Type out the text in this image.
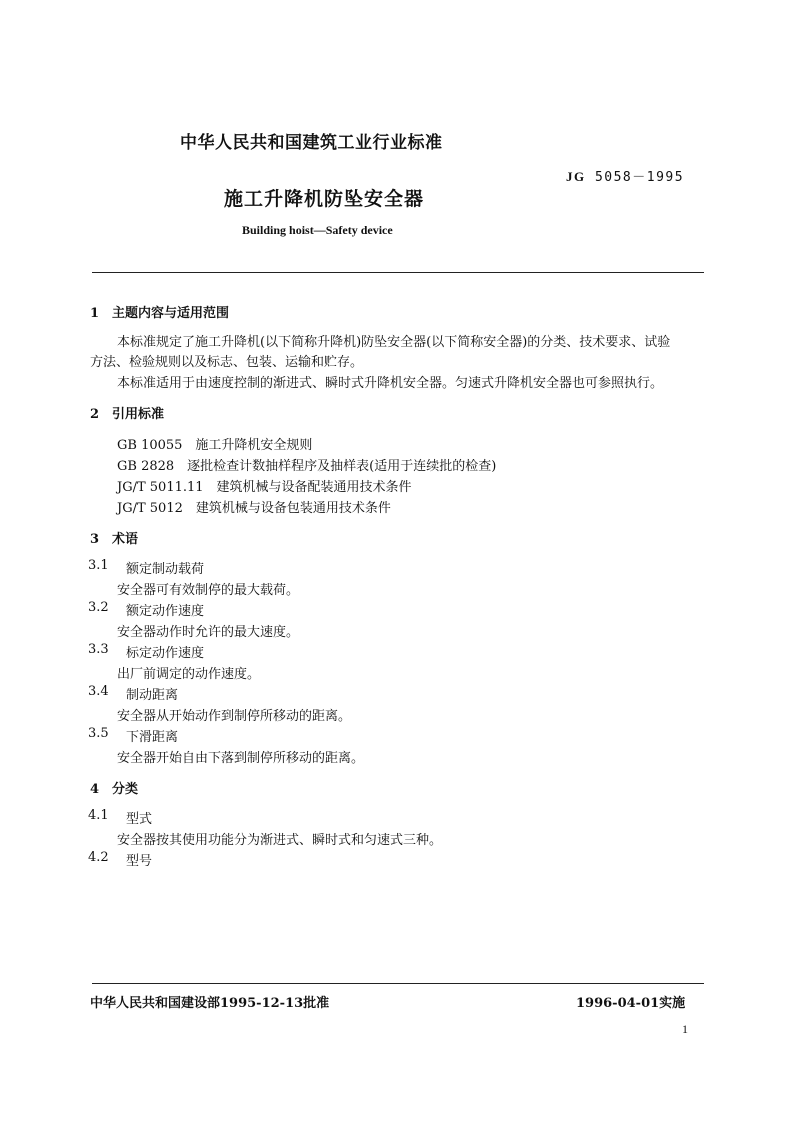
中华人民共和国建筑工业行业标准
JG 5058－1995
施工升降机防坠安全器
Building hoist—Safety device
1　主题内容与适用范围
本标准规定了施工升降机(以下简称升降机)防坠安全器(以下简称安全器)的分类、技术要求、试验
方法、检验规则以及标志、包装、运输和贮存。
本标准适用于由速度控制的渐进式、瞬时式升降机安全器。匀速式升降机安全器也可参照执行。
2　引用标准
GB 10055　施工升降机安全规则
GB 2828　逐批检查计数抽样程序及抽样表(适用于连续批的检查)
JG/T 5011.11　建筑机械与设备配装通用技术条件
JG/T 5012　建筑机械与设备包装通用技术条件
3　术语
3.1 额定制动载荷
安全器可有效制停的最大载荷。
3.2 额定动作速度
安全器动作时允许的最大速度。
3.3 标定动作速度
出厂前调定的动作速度。
3.4 制动距离
安全器从开始动作到制停所移动的距离。
3.5 下滑距离
安全器开始自由下落到制停所移动的距离。
4　分类
4.1 型式
安全器按其使用功能分为渐进式、瞬时式和匀速式三种。
4.2 型号
中华人民共和国建设部1995-12-13批准	1996-04-01实施
1
